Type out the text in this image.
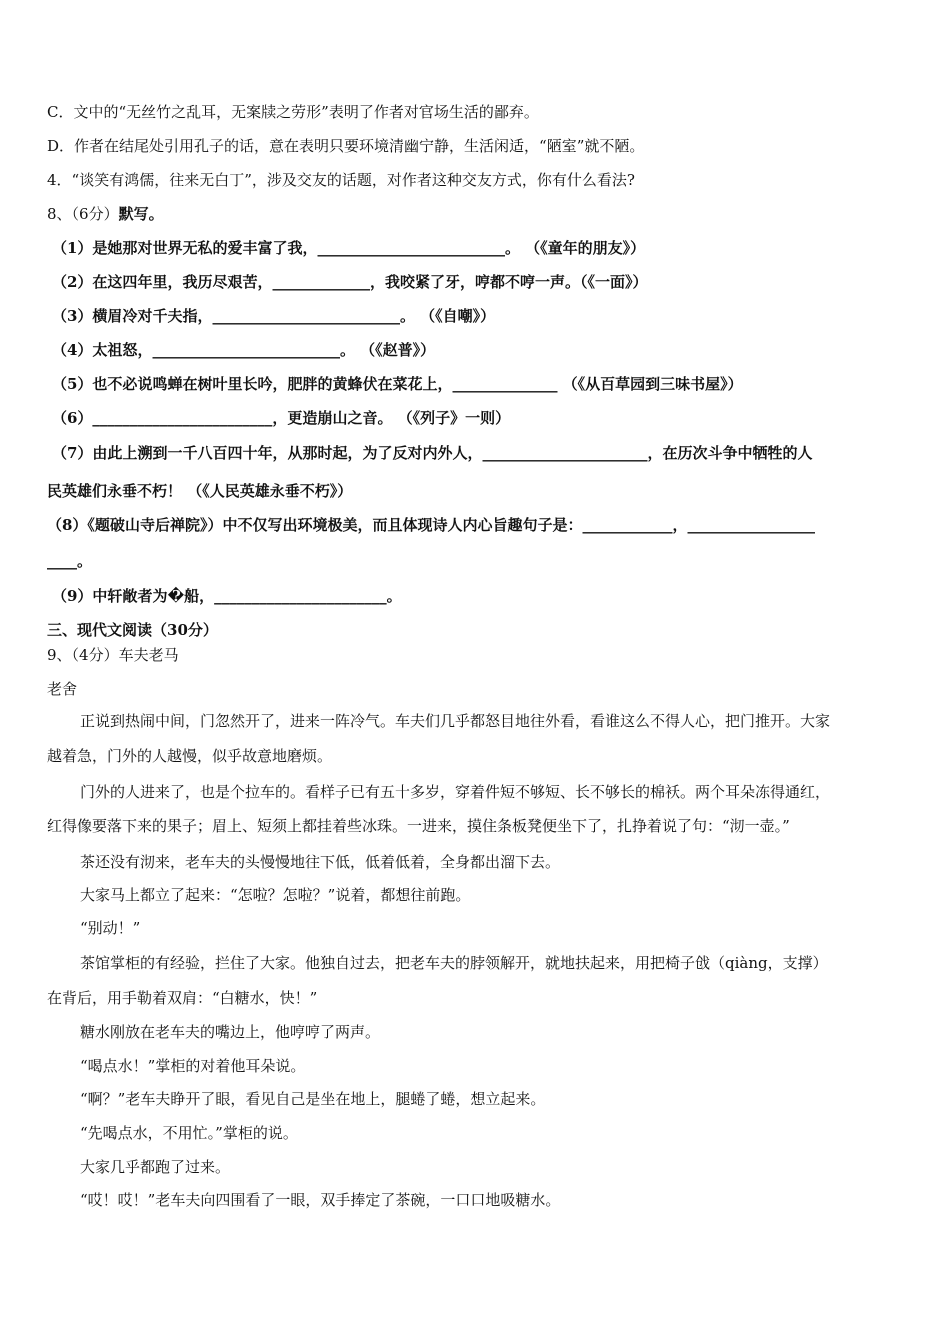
C．文中的“无丝竹之乱耳，无案牍之劳形”表明了作者对官场生活的鄙弃。
D．作者在结尾处引用孔子的话，意在表明只要环境清幽宁静，生活闲适，“陋室”就不陋。
4．“谈笑有鸿儒，往来无白丁”，涉及交友的话题，对作者这种交友方式，你有什么看法?
8、（6分）默写。
（1）是她那对世界无私的爱丰富了我，_________________________。 （《童年的朋友》）
（2）在这四年里，我历尽艰苦，_____________，我咬紧了牙，哼都不哼一声。（《一面》）
（3）横眉冷对千夫指，_________________________。 （《自嘲》）
（4）太祖怒，_________________________。 （《赵普》）
（5）也不必说鸣蝉在树叶里长吟，肥胖的黄蜂伏在菜花上，______________ （《从百草园到三味书屋》）
（6）________________________，更造崩山之音。 （《列子》一则）
（7）由此上溯到一千八百四十年，从那时起，为了反对内外人，______________________，在历次斗争中牺牲的人
民英雄们永垂不朽！ （《人民英雄永垂不朽》）
（8）《题破山寺后禅院》）中不仅写出环境极美，而且体现诗人内心旨趣句子是：____________，_________________
____。
（9）中轩敞者为�船，_______________________。
三、现代文阅读（30分）
9、（4分）车夫老马
老舍
正说到热闹中间，门忽然开了，进来一阵冷气。车夫们几乎都怒目地往外看，看谁这么不得人心，把门推开。大家
越着急，门外的人越慢，似乎故意地磨烦。
门外的人进来了，也是个拉车的。看样子已有五十多岁，穿着件短不够短、长不够长的棉袄。两个耳朵冻得通红，
红得像要落下来的果子；眉上、短须上都挂着些冰珠。一进来，摸住条板凳便坐下了，扎挣着说了句：“沏一壶。”
茶还没有沏来，老车夫的头慢慢地往下低，低着低着，全身都出溜下去。
大家马上都立了起来：“怎啦？怎啦？”说着，都想往前跑。
“别动！”
茶馆掌柜的有经验，拦住了大家。他独自过去，把老车夫的脖领解开，就地扶起来，用把椅子戗（qiàng，支撑）
在背后，用手勒着双肩：“白糖水，快！”
糖水刚放在老车夫的嘴边上，他哼哼了两声。
“喝点水！”掌柜的对着他耳朵说。
“啊？”老车夫睁开了眼，看见自己是坐在地上，腿蜷了蜷，想立起来。
“先喝点水，不用忙。”掌柜的说。
大家几乎都跑了过来。
“哎！哎！”老车夫向四围看了一眼，双手捧定了茶碗，一口口地吸糖水。
